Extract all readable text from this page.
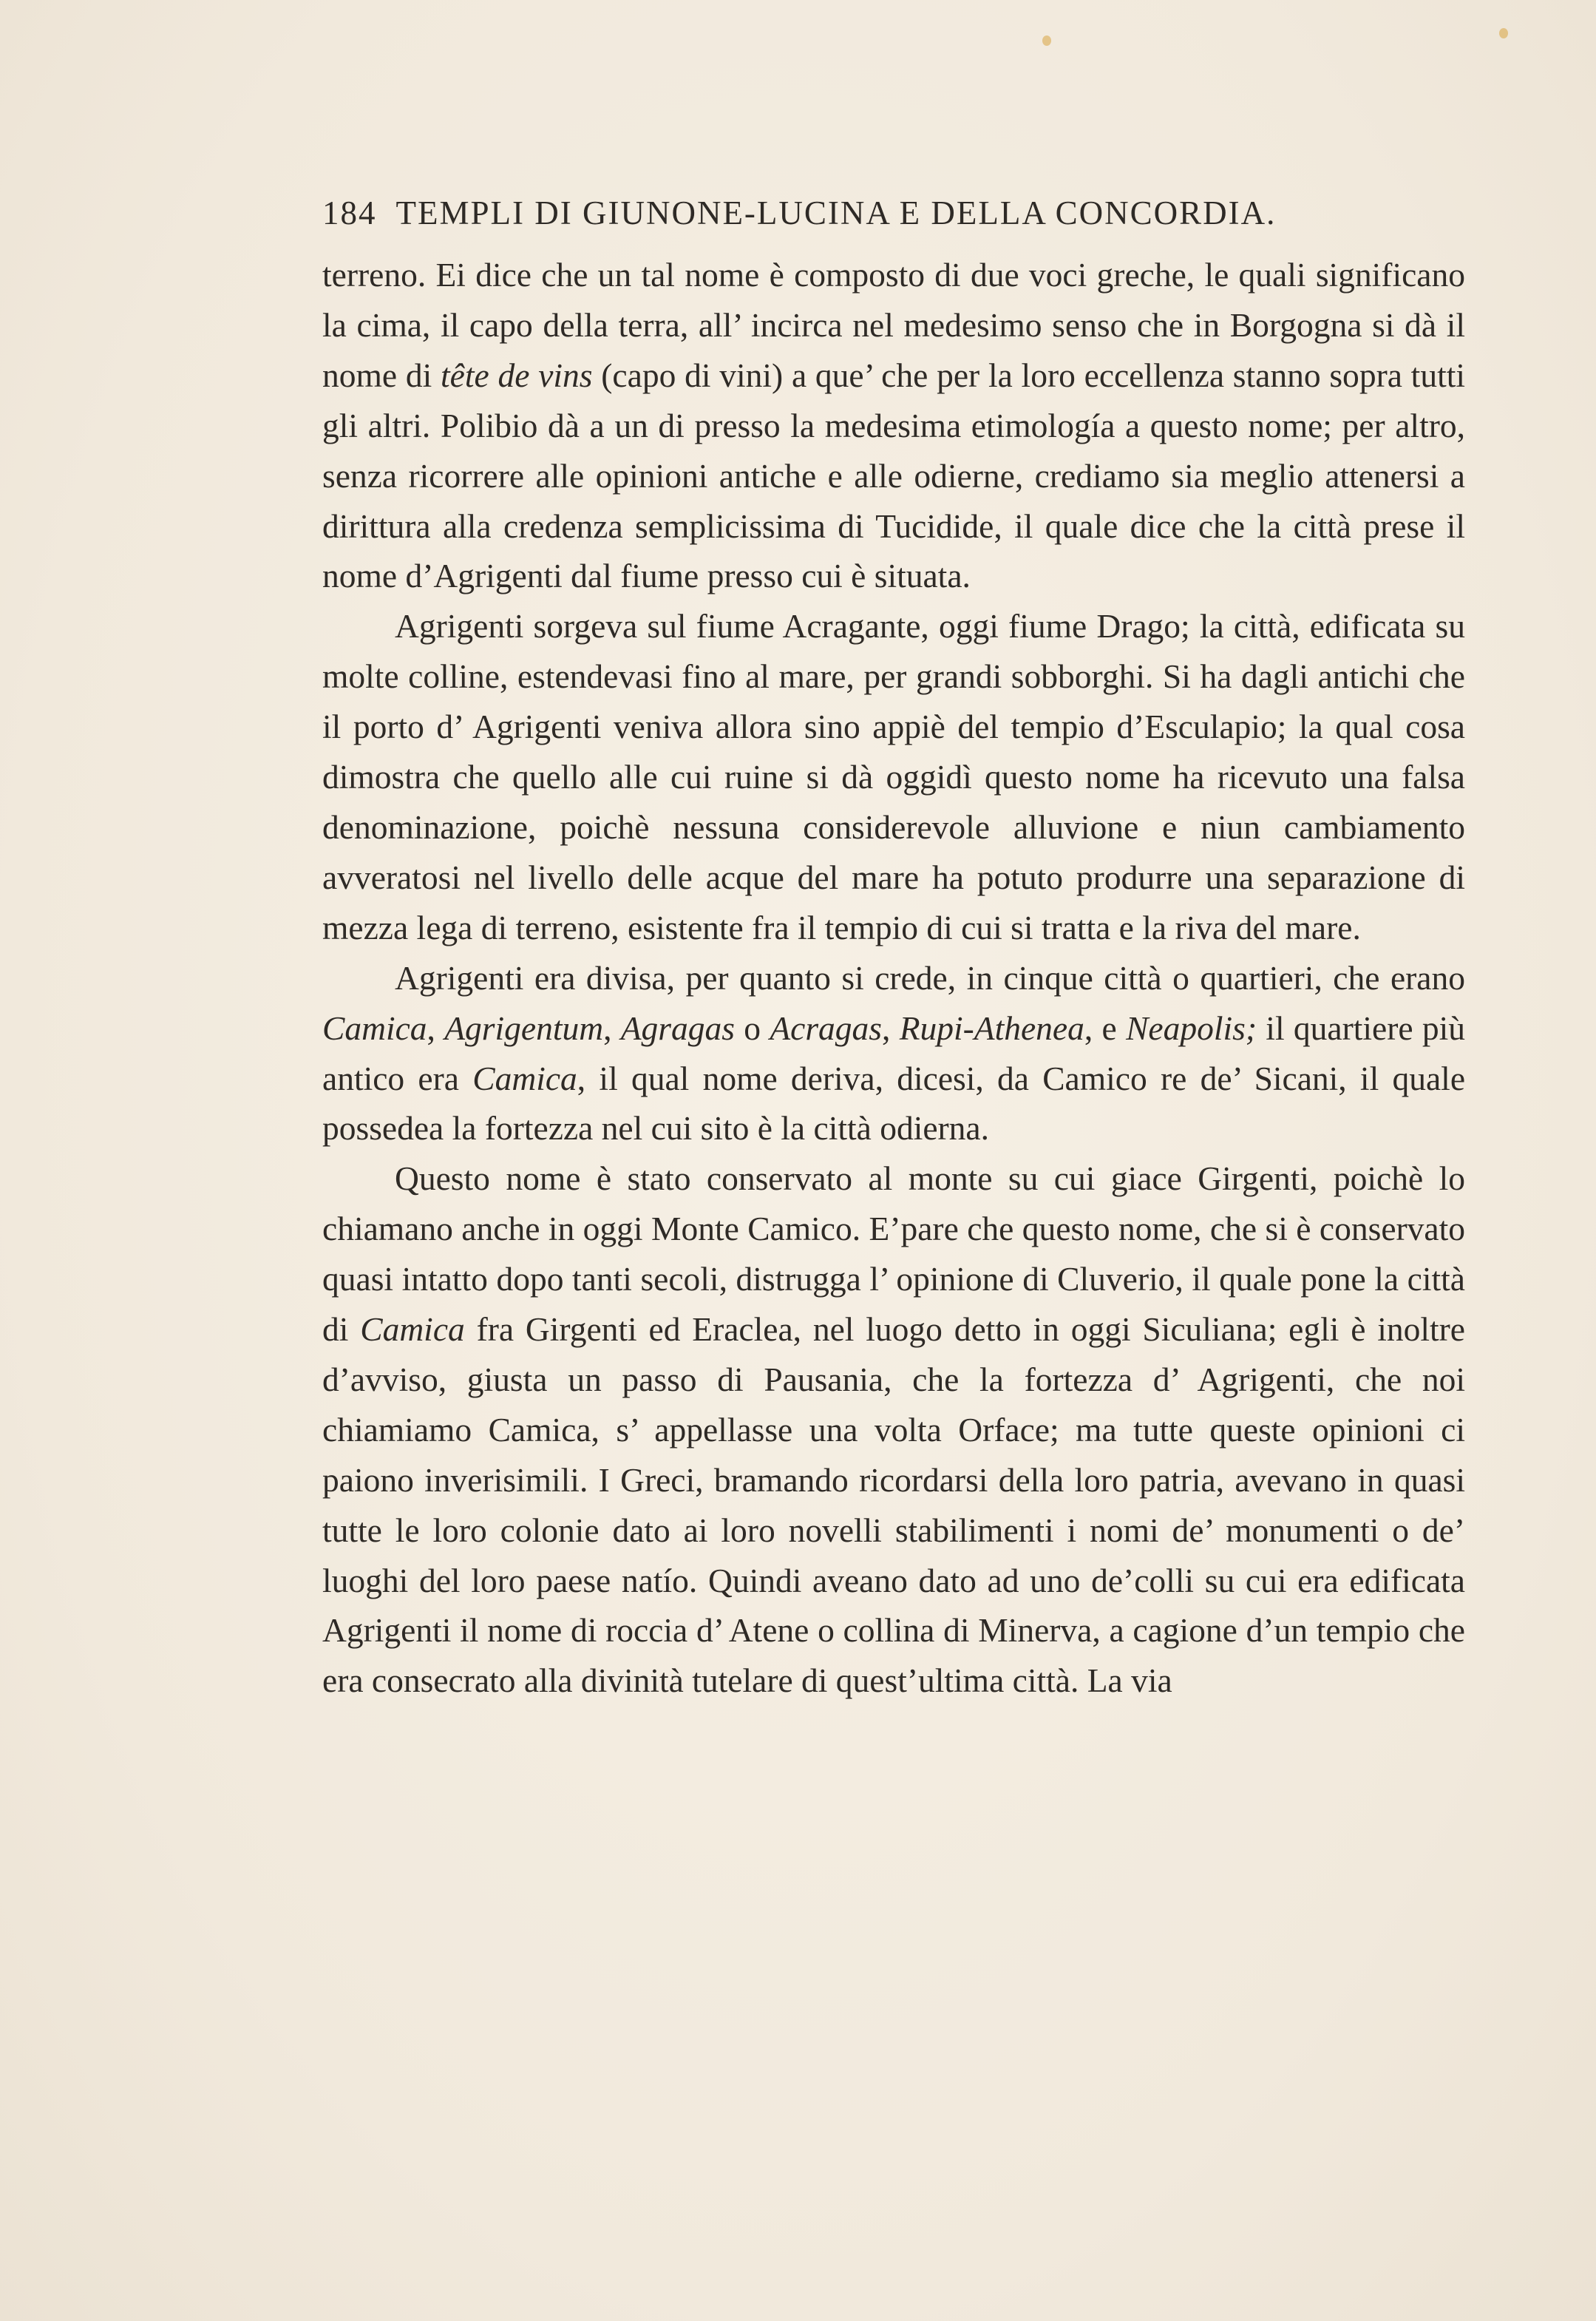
184 TEMPLI DI GIUNONE-LUCINA E DELLA CONCORDIA.

terreno. Ei dice che un tal nome è composto di due voci greche, le quali significano la cima, il capo della terra, all’ incirca nel medesimo senso che in Borgogna si dà il nome di tête de vins (capo di vini) a que’ che per la loro eccellenza stanno sopra tutti gli altri. Polibio dà a un di presso la medesima etimología a questo nome; per altro, senza ricorrere alle opinioni antiche e alle odierne, crediamo sia meglio attenersi a dirittura alla credenza semplicissima di Tucidide, il quale dice che la città prese il nome d’Agrigenti dal fiume presso cui è situata.

Agrigenti sorgeva sul fiume Acragante, oggi fiume Drago; la città, edificata su molte colline, estendevasi fino al mare, per grandi sobborghi. Si ha dagli antichi che il porto d’ Agrigenti veniva allora sino appiè del tempio d’Esculapio; la qual cosa dimostra che quello alle cui ruine si dà oggidì questo nome ha ricevuto una falsa denominazione, poichè nessuna considerevole alluvione e niun cambiamento avveratosi nel livello delle acque del mare ha potuto produrre una separazione di mezza lega di terreno, esistente fra il tempio di cui si tratta e la riva del mare.

Agrigenti era divisa, per quanto si crede, in cinque città o quartieri, che erano Camica, Agrigentum, Agragas o Acragas, Rupi-Athenea, e Neapolis; il quartiere più antico era Camica, il qual nome deriva, dicesi, da Camico re de’ Sicani, il quale possedea la fortezza nel cui sito è la città odierna.

Questo nome è stato conservato al monte su cui giace Girgenti, poichè lo chiamano anche in oggi Monte Camico. E’pare che questo nome, che si è conservato quasi intatto dopo tanti secoli, distrugga l’ opinione di Cluverio, il quale pone la città di Camica fra Girgenti ed Eraclea, nel luogo detto in oggi Siculiana; egli è inoltre d’avviso, giusta un passo di Pausania, che la fortezza d’ Agrigenti, che noi chiamiamo Camica, s’ appellasse una volta Orface; ma tutte queste opinioni ci paiono inverisimili. I Greci, bramando ricordarsi della loro patria, avevano in quasi tutte le loro colonie dato ai loro novelli stabilimenti i nomi de’ monumenti o de’ luoghi del loro paese natío. Quindi aveano dato ad uno de’colli su cui era edificata Agrigenti il nome di roccia d’ Atene o collina di Minerva, a cagione d’un tempio che era consecrato alla divinità tutelare di quest’ultima città. La via
